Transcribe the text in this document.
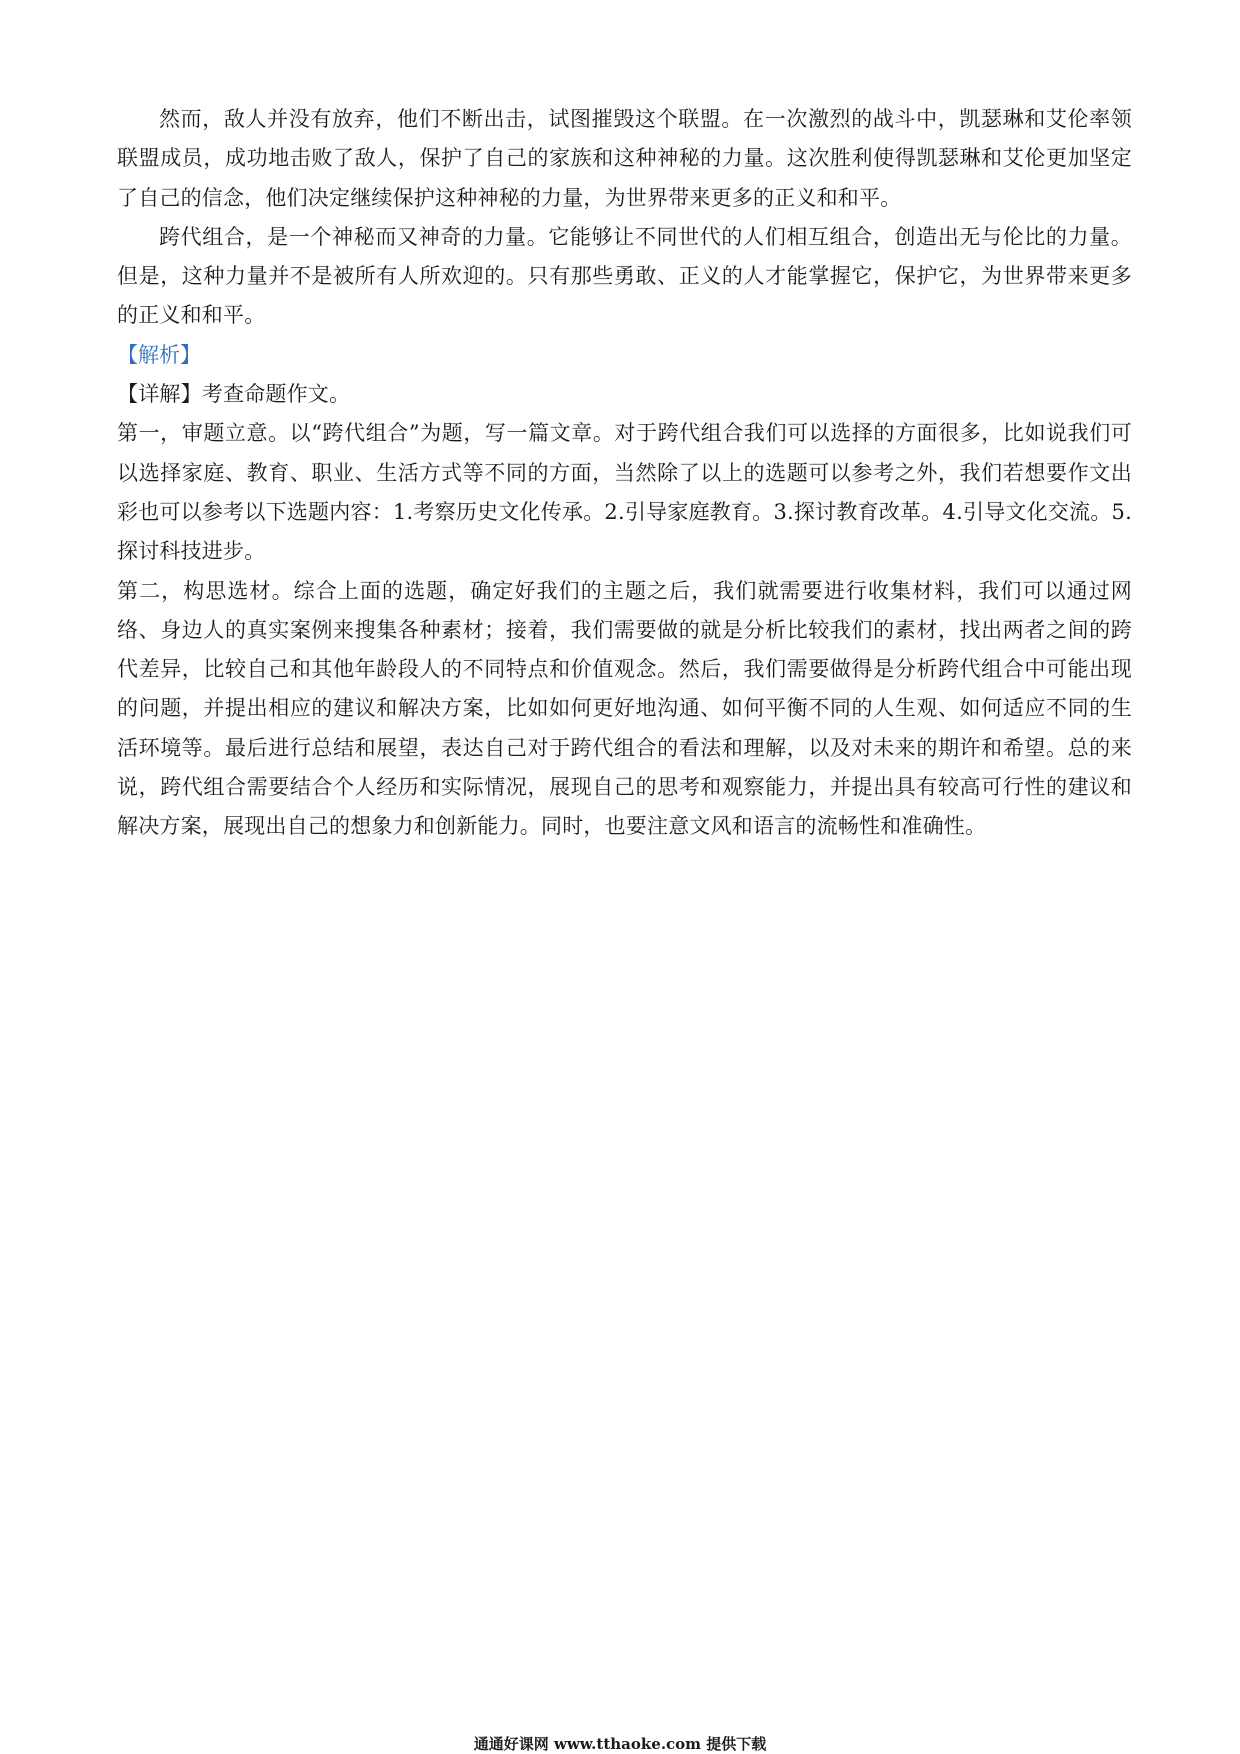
然而，敌人并没有放弃，他们不断出击，试图摧毁这个联盟。在一次激烈的战斗中，凯瑟琳和艾伦率领联盟成员，成功地击败了敌人，保护了自己的家族和这种神秘的力量。这次胜利使得凯瑟琳和艾伦更加坚定了自己的信念，他们决定继续保护这种神秘的力量，为世界带来更多的正义和和平。

跨代组合，是一个神秘而又神奇的力量。它能够让不同世代的人们相互组合，创造出无与伦比的力量。但是，这种力量并不是被所有人所欢迎的。只有那些勇敢、正义的人才能掌握它，保护它，为世界带来更多的正义和和平。

【解析】

【详解】考查命题作文。

第一，审题立意。以“跨代组合”为题，写一篇文章。对于跨代组合我们可以选择的方面很多，比如说我们可以选择家庭、教育、职业、生活方式等不同的方面，当然除了以上的选题可以参考之外，我们若想要作文出彩也可以参考以下选题内容：1.考察历史文化传承。2.引导家庭教育。3.探讨教育改革。4.引导文化交流。5.探讨科技进步。

第二，构思选材。综合上面的选题，确定好我们的主题之后，我们就需要进行收集材料，我们可以通过网络、身边人的真实案例来搜集各种素材；接着，我们需要做的就是分析比较我们的素材，找出两者之间的跨代差异，比较自己和其他年龄段人的不同特点和价值观念。然后，我们需要做得是分析跨代组合中可能出现的问题，并提出相应的建议和解决方案，比如如何更好地沟通、如何平衡不同的人生观、如何适应不同的生活环境等。最后进行总结和展望，表达自己对于跨代组合的看法和理解，以及对未来的期许和希望。总的来说，跨代组合需要结合个人经历和实际情况，展现自己的思考和观察能力，并提出具有较高可行性的建议和解决方案，展现出自己的想象力和创新能力。同时，也要注意文风和语言的流畅性和准确性。

通通好课网 www.tthaoke.com 提供下载
